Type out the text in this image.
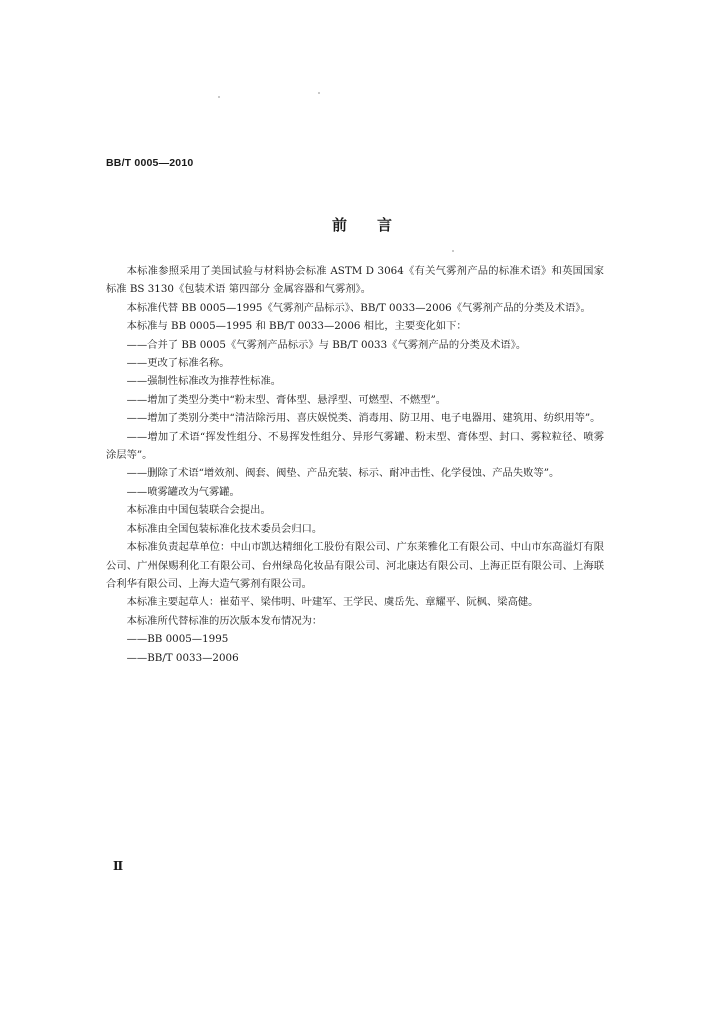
BB/T 0005—2010
前言

本标准参照采用了美国试验与材料协会标准 ASTM D 3064《有关气雾剂产品的标准术语》和英国国家标准 BS 3130《包装术语 第四部分 金属容器和气雾剂》。

本标准代替 BB 0005—1995《气雾剂产品标示》、BB/T 0033—2006《气雾剂产品的分类及术语》。

本标准与 BB 0005—1995 和 BB/T 0033—2006 相比，主要变化如下：

——合并了 BB 0005《气雾剂产品标示》与 BB/T 0033《气雾剂产品的分类及术语》。

——更改了标准名称。

——强制性标准改为推荐性标准。

——增加了类型分类中“粉末型、膏体型、悬浮型、可燃型、不燃型”。

——增加了类别分类中“清洁除污用、喜庆娱悦类、消毒用、防卫用、电子电器用、建筑用、纺织用等”。

——增加了术语“挥发性组分、不易挥发性组分、异形气雾罐、粉末型、膏体型、封口、雾粒粒径、喷雾涂层等”。

——删除了术语“增效剂、阀套、阀垫、产品充装、标示、耐冲击性、化学侵蚀、产品失败等”。

——喷雾罐改为气雾罐。

本标准由中国包装联合会提出。

本标准由全国包装标准化技术委员会归口。

本标准负责起草单位：中山市凯达精细化工股份有限公司、广东莱雅化工有限公司、中山市东高溢灯有限公司、广州保赐利化工有限公司、台州绿岛化妆品有限公司、河北康达有限公司、上海正臣有限公司、上海联合利华有限公司、上海大造气雾剂有限公司。

本标准主要起草人：崔茹平、梁伟明、叶建军、王学民、虞岳先、章耀平、阮枫、梁高健。

本标准所代替标准的历次版本发布情况为：

——BB 0005—1995

——BB/T 0033—2006

Ⅱ
